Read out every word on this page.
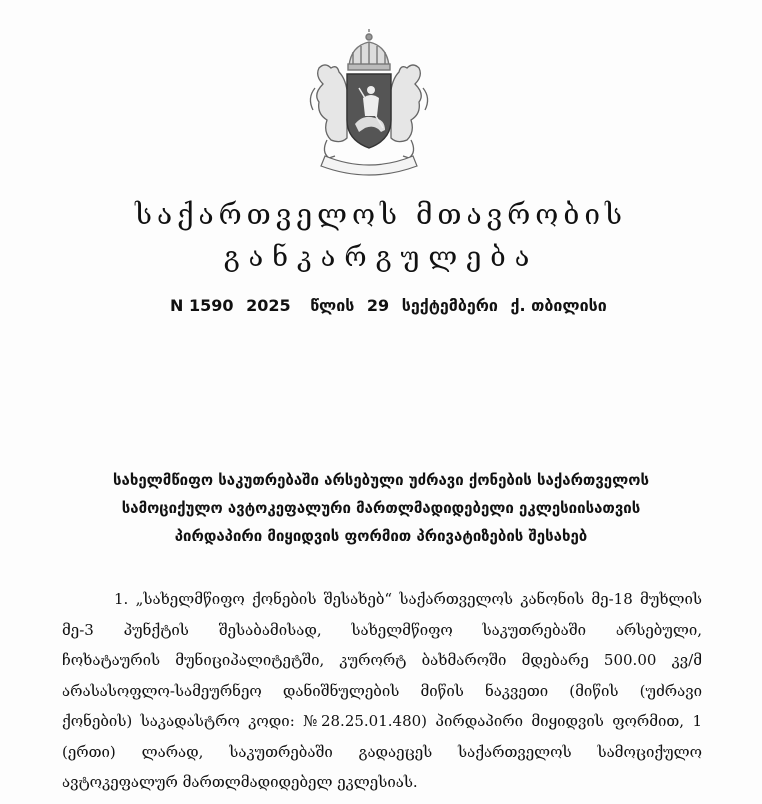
საქართველოს მთავრობის
განკარგულება
N 1590 2025 წლის 29 სექტემბერი ქ. თბილისი
სახელმწიფო საკუთრებაში არსებული უძრავი ქონების საქართველოს
სამოციქულო ავტოკეფალური მართლმადიდებელი ეკლესიისათვის
პირდაპირი მიყიდვის ფორმით პრივატიზების შესახებ
1. „სახელმწიფო ქონების შესახებ“ საქართველოს კანონის მე-18 მუხლის
მე-3 პუნქტის შესაბამისად, სახელმწიფო საკუთრებაში არსებული,
ჩოხატაურის მუნიციპალიტეტში, კურორტ ბახმაროში მდებარე 500.00 კვ/მ
არასასოფლო-სამეურნეო დანიშნულების მიწის ნაკვეთი (მიწის (უძრავი
ქონების) საკადასტრო კოდი: №28.25.01.480) პირდაპირი მიყიდვის ფორმით, 1
(ერთი) ლარად, საკუთრებაში გადაეცეს საქართველოს სამოციქულო
ავტოკეფალურ მართლმადიდებელ ეკლესიას.
